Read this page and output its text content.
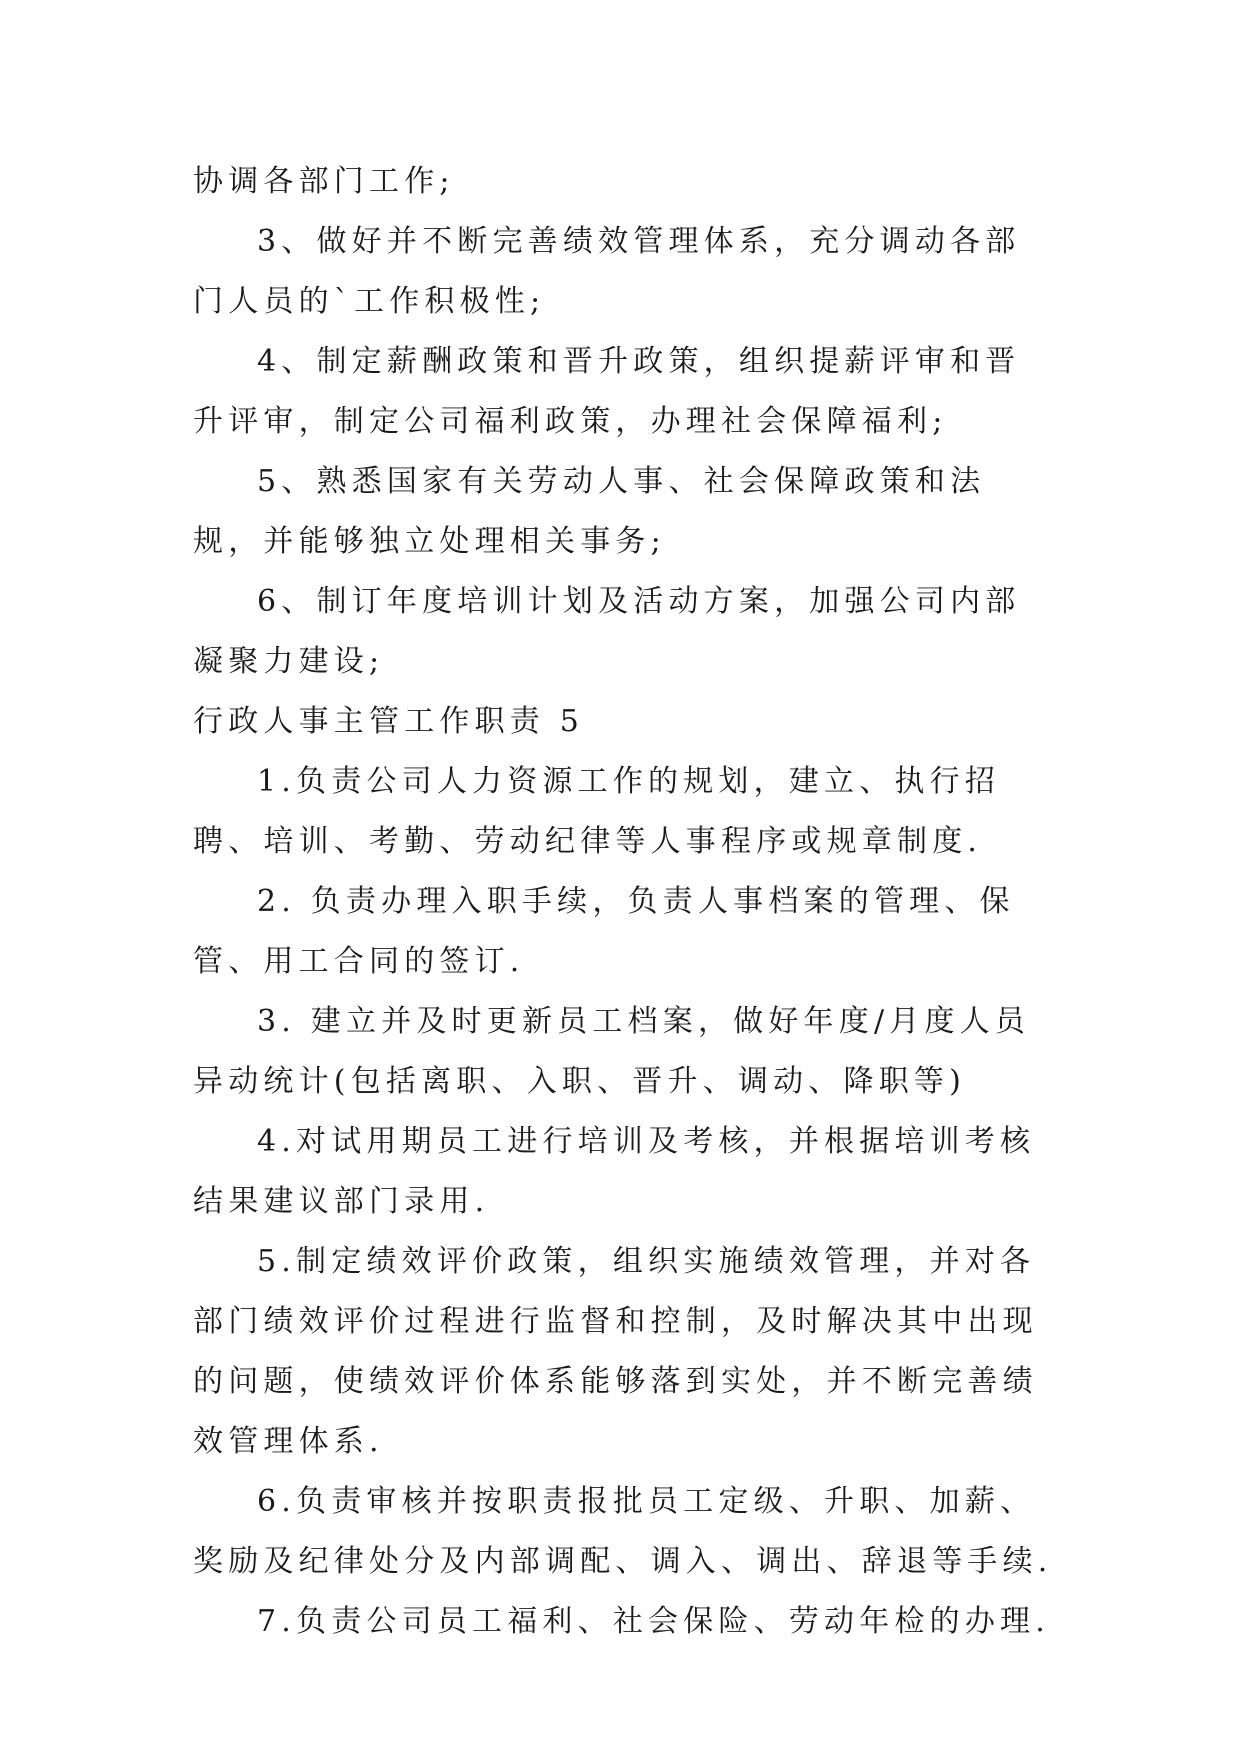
协调各部门工作;

3、做好并不断完善绩效管理体系，充分调动各部门人员的`工作积极性;

4、制定薪酬政策和晋升政策，组织提薪评审和晋升评审，制定公司福利政策，办理社会保障福利;

5、熟悉国家有关劳动人事、社会保障政策和法规，并能够独立处理相关事务;

6、制订年度培训计划及活动方案，加强公司内部凝聚力建设;

行政人事主管工作职责 5

1.负责公司人力资源工作的规划，建立、执行招聘、培训、考勤、劳动纪律等人事程序或规章制度.

2. 负责办理入职手续，负责人事档案的管理、保管、用工合同的签订.

3. 建立并及时更新员工档案，做好年度/月度人员异动统计(包括离职、入职、晋升、调动、降职等)

4.对试用期员工进行培训及考核，并根据培训考核结果建议部门录用.

5.制定绩效评价政策，组织实施绩效管理，并对各部门绩效评价过程进行监督和控制，及时解决其中出现的问题，使绩效评价体系能够落到实处，并不断完善绩效管理体系.

6.负责审核并按职责报批员工定级、升职、加薪、奖励及纪律处分及内部调配、调入、调出、辞退等手续.

7.负责公司员工福利、社会保险、劳动年检的办理.
